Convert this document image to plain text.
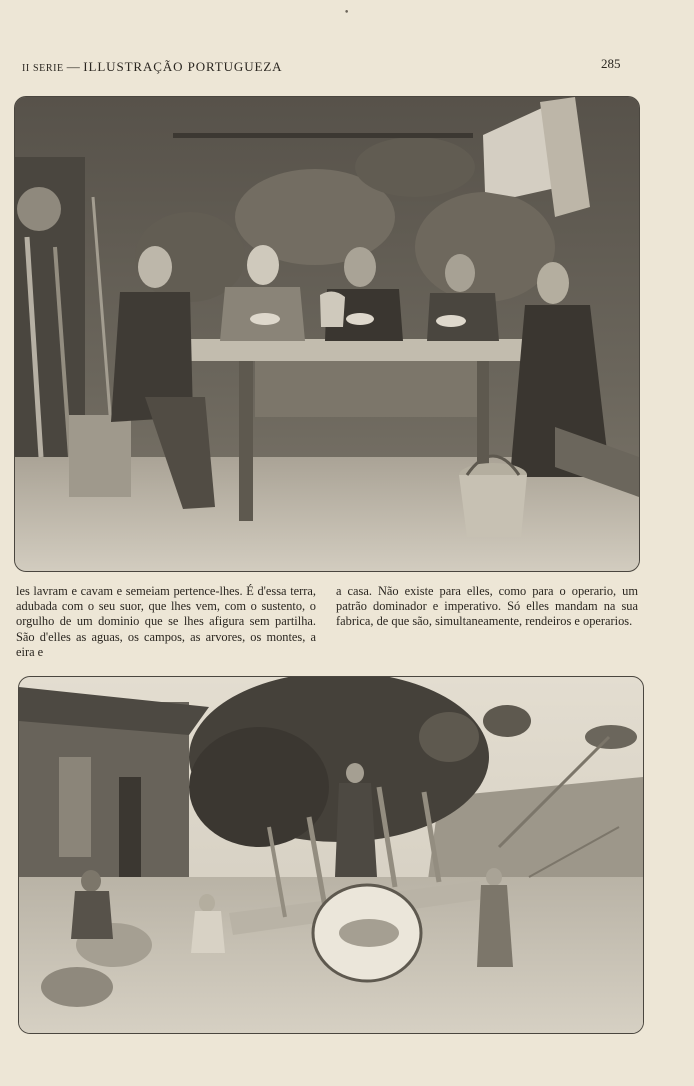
•
II SERIE — ILLUSTRAÇÃO PORTUGUEZA	285

les lavram e cavam e semeiam pertence-lhes. É d'essa terra, adubada com o seu suor, que lhes vem, com o sustento, o orgulho de um dominio que se lhes afigura sem partilha. São d'elles as aguas, os campos, as arvores, os montes, a eira e

a casa. Não existe para elles, como para o operario, um patrão dominador e imperativo. Só elles mandam na sua fabrica, de que são, simultaneamente, rendeiros e operarios.
